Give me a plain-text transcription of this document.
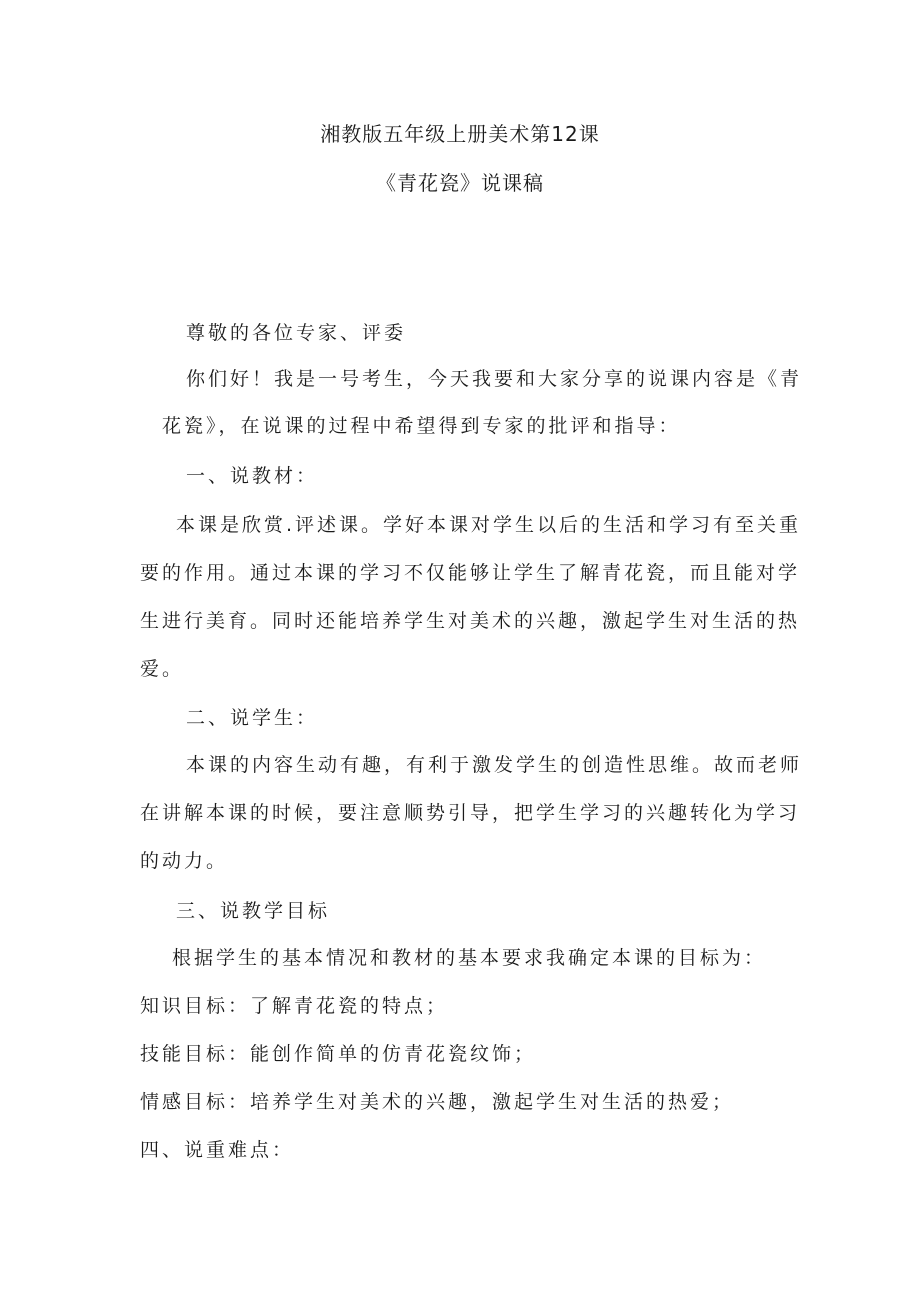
湘教版五年级上册美术第12课
《青花瓷》说课稿
尊敬的各位专家、评委
你们好！我是一号考生，今天我要和大家分享的说课内容是《青
花瓷》，在说课的过程中希望得到专家的批评和指导：
一、说教材：
本课是欣赏.评述课。学好本课对学生以后的生活和学习有至关重
要的作用。通过本课的学习不仅能够让学生了解青花瓷，而且能对学
生进行美育。同时还能培养学生对美术的兴趣，激起学生对生活的热
爱。
二、说学生：
本课的内容生动有趣，有利于激发学生的创造性思维。故而老师
在讲解本课的时候，要注意顺势引导，把学生学习的兴趣转化为学习
的动力。
三、说教学目标
根据学生的基本情况和教材的基本要求我确定本课的目标为：
知识目标：了解青花瓷的特点；
技能目标：能创作简单的仿青花瓷纹饰；
情感目标：培养学生对美术的兴趣，激起学生对生活的热爱；
四、说重难点：
